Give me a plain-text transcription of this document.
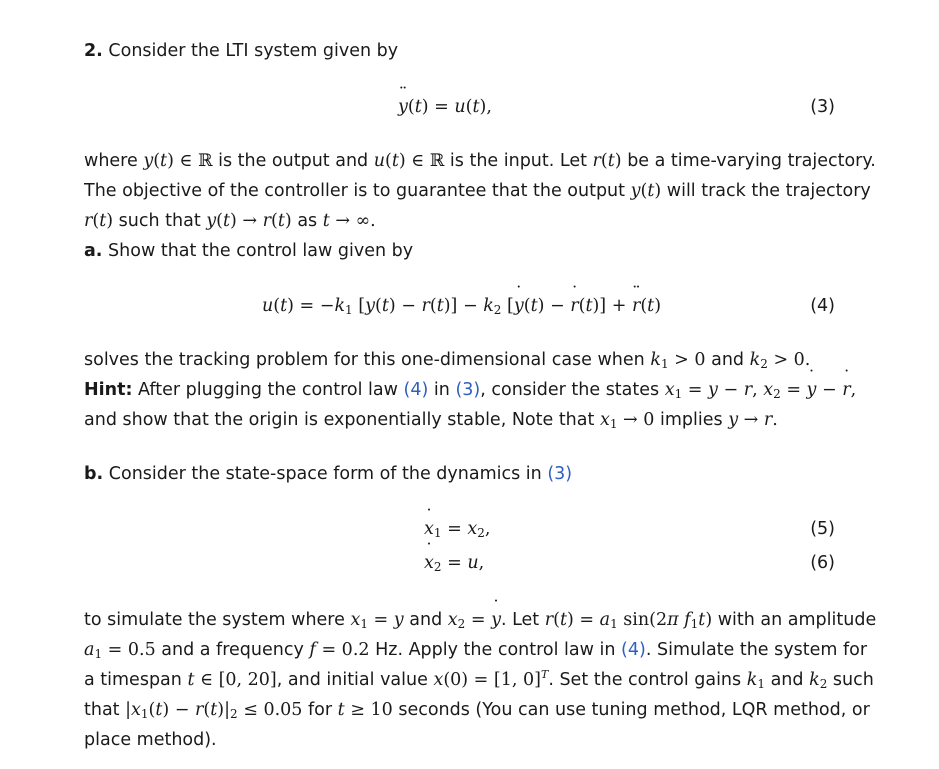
2. Consider the LTI system given by
¨ y(t) = u(t),	(3)
where y(t) ∈ ℝ is the output and u(t) ∈ ℝ is the input. Let r(t) be a time-varying trajectory.
The objective of the controller is to guarantee that the output y(t) will track the trajectory
r(t) such that y(t) → r(t) as t → ∞.
a. Show that the control law given by
$u(t) = -k_1$ $[y(t) - r(t)] - k_2$ [˙ y(t) − ˙ r(t)] + ¨ r(t)	(4)
solves the tracking problem for this one-dimensional case when $k_1 > 0$ and $k_2 > 0$.
Hint: After plugging the control law (4) in (3), consider the states $x_1 = y - r$, $x_2$ = ˙ y − ˙ r,
and show that the origin is exponentially stable, Note that $x_1 \to 0$ implies y → r.
b. Consider the state-space form of the dynamics in (3)
˙ $x_1 = x_2$,	(5)
˙ $x_2 = u$,	(6)
to simulate the system where $x_1 = y$ and $x_2$ = ˙ y. Let $r(t) = a_1$ sin(2π $f_1t$) with an amplitude
$a_1 = 0.5$ and a frequency f = 0.2 Hz. Apply the control law in (4). Simulate the system for
a timespan t ∈ [0, 20], and initial value x(0) = [1, 0]$^T$. Set the control gains $k_1$ and $k_2$ such
that $|x_1(t) - r(t)|_2 \le 0.05$ for t ≥ 10 seconds (You can use tuning method, LQR method, or
place method).
